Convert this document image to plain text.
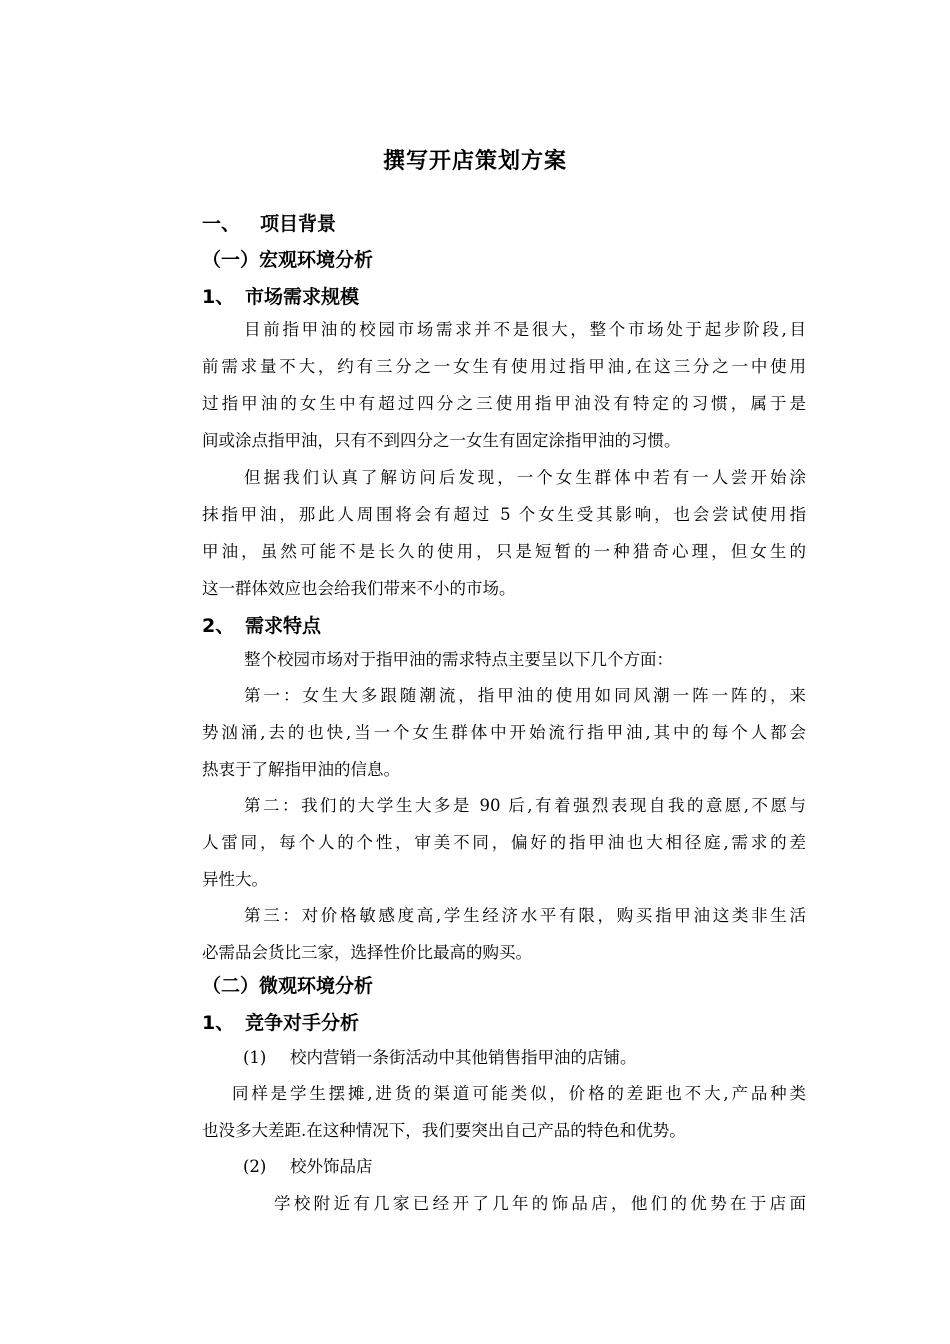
撰写开店策划方案
一、 项目背景
（一）宏观环境分析
1、 市场需求规模
目前指甲油的校园市场需求并不是很大，整个市场处于起步阶段,目
前需求量不大，约有三分之一女生有使用过指甲油,在这三分之一中使用
过指甲油的女生中有超过四分之三使用指甲油没有特定的习惯，属于是
间或涂点指甲油，只有不到四分之一女生有固定涂指甲油的习惯。
但据我们认真了解访问后发现，一个女生群体中若有一人尝开始涂
抹指甲油，那此人周围将会有超过 5 个女生受其影响，也会尝试使用指
甲油，虽然可能不是长久的使用，只是短暂的一种猎奇心理，但女生的
这一群体效应也会给我们带来不小的市场。
2、 需求特点
整个校园市场对于指甲油的需求特点主要呈以下几个方面：
第一：女生大多跟随潮流，指甲油的使用如同风潮一阵一阵的，来
势汹涌,去的也快,当一个女生群体中开始流行指甲油,其中的每个人都会
热衷于了解指甲油的信息。
第二：我们的大学生大多是 90 后,有着强烈表现自我的意愿,不愿与
人雷同，每个人的个性，审美不同，偏好的指甲油也大相径庭,需求的差
异性大。
第三：对价格敏感度高,学生经济水平有限，购买指甲油这类非生活
必需品会货比三家，选择性价比最高的购买。
（二）微观环境分析
1、 竞争对手分析
(1) 校内营销一条街活动中其他销售指甲油的店铺。
同样是学生摆摊,进货的渠道可能类似，价格的差距也不大,产品种类
也没多大差距.在这种情况下，我们要突出自己产品的特色和优势。
(2) 校外饰品店
学校附近有几家已经开了几年的饰品店，他们的优势在于店面
